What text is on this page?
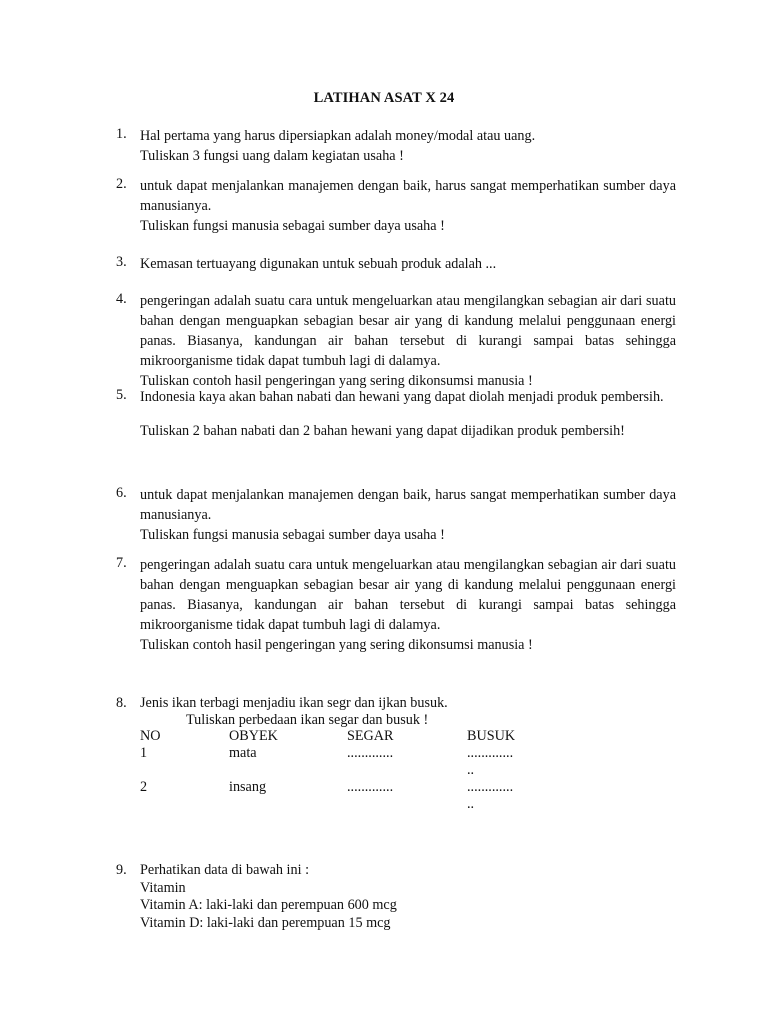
LATIHAN ASAT X 24
1. Hal pertama yang harus dipersiapkan adalah money/modal atau uang.

Tuliskan 3 fungsi uang dalam kegiatan usaha !

2. untuk dapat menjalankan manajemen dengan baik, harus sangat memperhatikan sumber daya manusianya.

Tuliskan fungsi manusia sebagai sumber daya usaha !

3. Kemasan tertuayang digunakan untuk sebuah produk adalah ...

4. pengeringan adalah suatu cara untuk mengeluarkan atau mengilangkan sebagian air dari suatu bahan dengan menguapkan sebagian besar air yang di kandung melalui penggunaan energi panas. Biasanya, kandungan air bahan tersebut di kurangi sampai batas sehingga mikroorganisme tidak dapat tumbuh lagi di dalamya.

Tuliskan contoh hasil pengeringan yang sering dikonsumsi manusia !

5. Indonesia kaya akan bahan nabati dan hewani yang dapat diolah menjadi produk pembersih.

Tuliskan 2 bahan nabati dan 2 bahan hewani yang dapat dijadikan produk pembersih!

6. untuk dapat menjalankan manajemen dengan baik, harus sangat memperhatikan sumber daya manusianya.

Tuliskan fungsi manusia sebagai sumber daya usaha !

7. pengeringan adalah suatu cara untuk mengeluarkan atau mengilangkan sebagian air dari suatu bahan dengan menguapkan sebagian besar air yang di kandung melalui penggunaan energi panas. Biasanya, kandungan air bahan tersebut di kurangi sampai batas sehingga mikroorganisme tidak dapat tumbuh lagi di dalamya.

Tuliskan contoh hasil pengeringan yang sering dikonsumsi manusia !

8. Jenis ikan terbagi menjadiu ikan segr dan ijkan busuk.

Tuliskan perbedaan ikan segar dan busuk !

NO	OBYEK	SEGAR	BUSUK
1	mata	.............	.............
..

2	insang	.............	.............
..
9. Perhatikan data di bawah ini :

Vitamin

Vitamin A: laki-laki dan perempuan 600 mcg

Vitamin D: laki-laki dan perempuan 15 mcg
